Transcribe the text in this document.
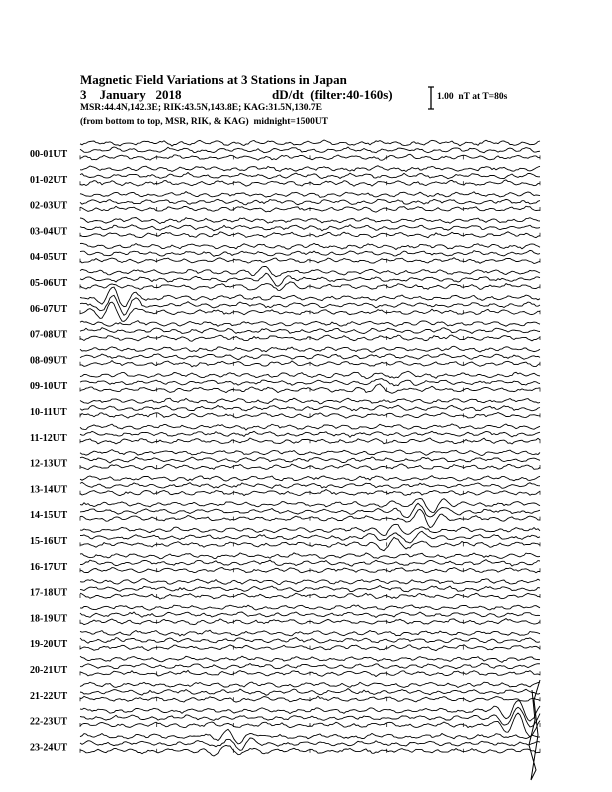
Magnetic Field Variations at 3 Stations in Japan
3    January   2018	dD/dt  (filter:40-160s)
MSR:44.4N,142.3E; RIK:43.5N,143.8E; KAG:31.5N,130.7E
(from bottom to top, MSR, RIK, & KAG)  midnight=1500UT
1.00  nT at T=80s
00-01UT
01-02UT
02-03UT
03-04UT
04-05UT
05-06UT
06-07UT
07-08UT
08-09UT
09-10UT
10-11UT
11-12UT
12-13UT
13-14UT
14-15UT
15-16UT
16-17UT
17-18UT
18-19UT
19-20UT
20-21UT
21-22UT
22-23UT
23-24UT
